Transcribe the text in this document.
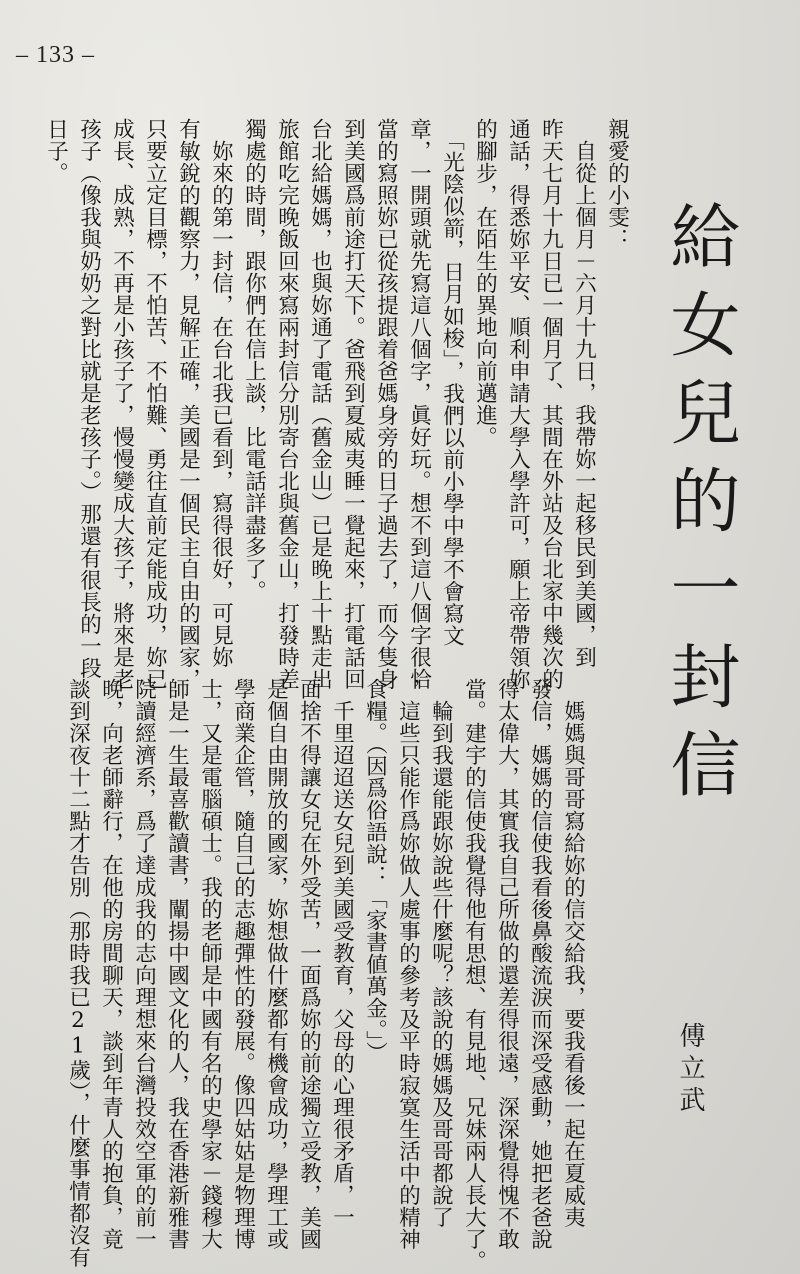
– 133 –
給女兒的一封信
傅立武
親愛的小雯：
　自從上個月－六月十九日，我帶妳一起移民到美國，到
昨天七月十九日已一個月了、其間在外站及台北家中幾次的
通話，得悉妳平安、順利申請大學入學許可，願上帝帶領妳
的腳步，在陌生的異地向前邁進。
　「光陰似箭，日月如梭」，我們以前小學中學不會寫文
章，一開頭就先寫這八個字，眞好玩。想不到這八個字很恰
當的寫照妳已從孩提跟着爸媽身旁的日子過去了，而今隻身
到美國爲前途打天下。爸飛到夏威夷睡一覺起來，打電話回
台北給媽媽，也與妳通了電話（舊金山）已是晚上十點走出
旅館吃完晚飯回來寫兩封信分別寄台北與舊金山，打發時差
獨處的時間，跟你們在信上談，比電話詳盡多了。
　妳來的第一封信，在台北我已看到，寫得很好，可見妳
有敏銳的觀察力，見解正確，美國是一個民主自由的國家，
只要立定目標，不怕苦、不怕難、勇往直前定能成功，妳已
成長、成熟，不再是小孩子了，慢慢變成大孩子，將來是老
孩子（像我與奶奶之對比就是老孩子。）那還有很長的一段
日子。
　媽媽與哥哥寫給妳的信交給我，要我看後一起在夏威夷
發信，媽媽的信使我看後鼻酸流淚而深受感動，她把老爸說
得太偉大，其實我自己所做的還差得很遠，深深覺得愧不敢
當。建宇的信使我覺得他有思想、有見地、兄妹兩人長大了。
　輪到我還能跟妳說些什麼呢？該說的媽媽及哥哥都說了
，這些只能作爲妳做人處事的參考及平時寂寞生活中的精神
食糧。（因爲俗語說：「家書値萬金。」）
　千里迢迢送女兒到美國受教育，父母的心理很矛盾，一
面捨不得讓女兒在外受苦，一面爲妳的前途獨立受教，美國
是個自由開放的國家，妳想做什麼都有機會成功，學理工或
學商業企管，隨自己的志趣彈性的發展。像四姑姑是物理博
士，又是電腦碩士。我的老師是中國有名的史學家－錢穆大
師是一生最喜歡讀書，闡揚中國文化的人，我在香港新雅書
院讀經濟系，爲了達成我的志向理想來台灣投效空軍的前一
晚，向老師辭行，在他的房間聊天，談到年青人的抱負，竟
談到深夜十二點才告別（那時我已21歲），什麼事情都沒有
